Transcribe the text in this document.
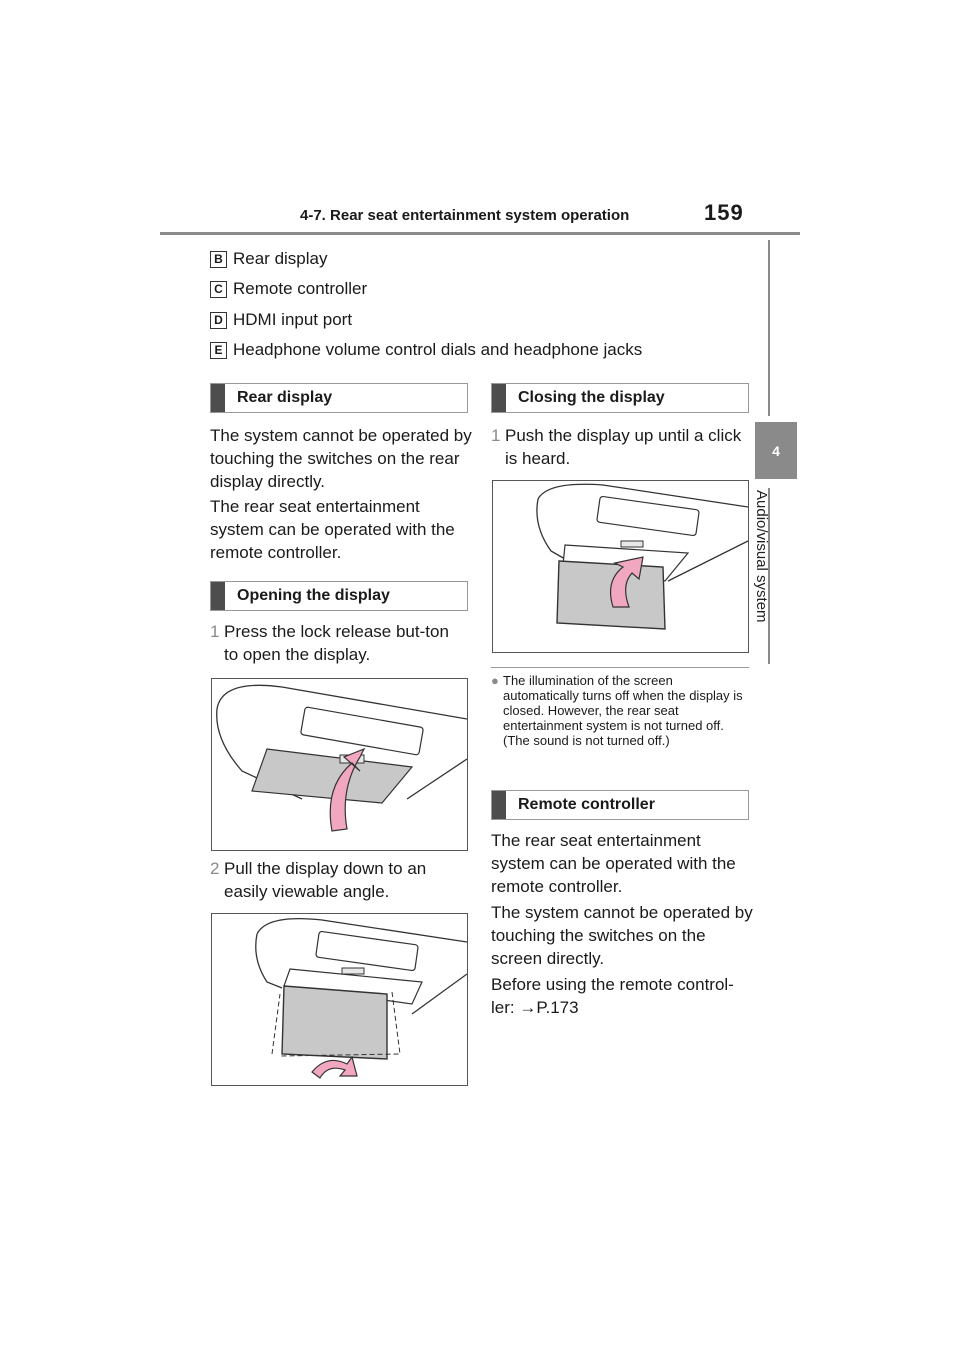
4-7. Rear seat entertainment system operation	159
4
Audio/visual system
B Rear display
C Remote controller
D HDMI input port
E Headphone volume control dials and headphone jacks
Rear display
The system cannot be operated by touching the switches on the rear display directly.
The rear seat entertainment system can be operated with the remote controller.
Opening the display
1 Press the lock release but-ton to open the display.
2 Pull the display down to an easily viewable angle.
Closing the display
1 Push the display up until a click is heard.
● The illumination of the screen automatically turns off when the display is closed. However, the rear seat entertainment system is not turned off. (The sound is not turned off.)
Remote controller
The rear seat entertainment system can be operated with the remote controller.
The system cannot be operated by touching the switches on the screen directly.
Before using the remote control-ler: →P.173
